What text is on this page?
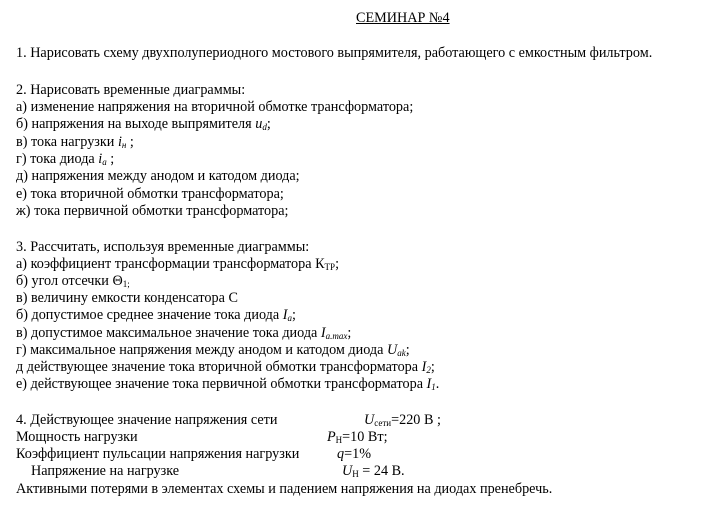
СЕМИНАР №4
1. Нарисовать схему двухполупериодного мостового выпрямителя, работающего с емкостным фильтром.
2. Нарисовать временные диаграммы:
а) изменение напряжения на вторичной обмотке трансформатора;
б) напряжения на выходе выпрямителя $u_d$;
в) тока нагрузки $i_н$ ;
г) тока диода $i_a$ ;
д) напряжения между анодом и катодом диода;
е) тока вторичной обмотки трансформатора;
ж) тока первичной обмотки трансформатора;
3. Рассчитать, используя временные диаграммы:
а) коэффициент трансформации трансформатора $К_{ТР}$;
б) угол отсечки $\Theta_{1;}$
в) величину емкости конденсатора С
б) допустимое среднее значение тока диода $I_a$;
в) допустимое максимальное значение тока диода $I_{a.max}$;
г) максимальное напряжения между анодом и катодом диода $U_{ak}$;
д действующее значение тока вторичной обмотки трансформатора $I_2$;
е) действующее значение тока первичной обмотки трансформатора $I_1$.
4. Действующее значение напряжения сети	$U_{сети}=220$ В ;
Мощность нагрузки	$P_Н=10$ Вт;
Коэффициент пульсации напряжения нагрузки	q=1%
Напряжение на нагрузке	$U_Н = 24$ В.
Активными потерями в элементах схемы и падением напряжения на диодах пренебречь.
